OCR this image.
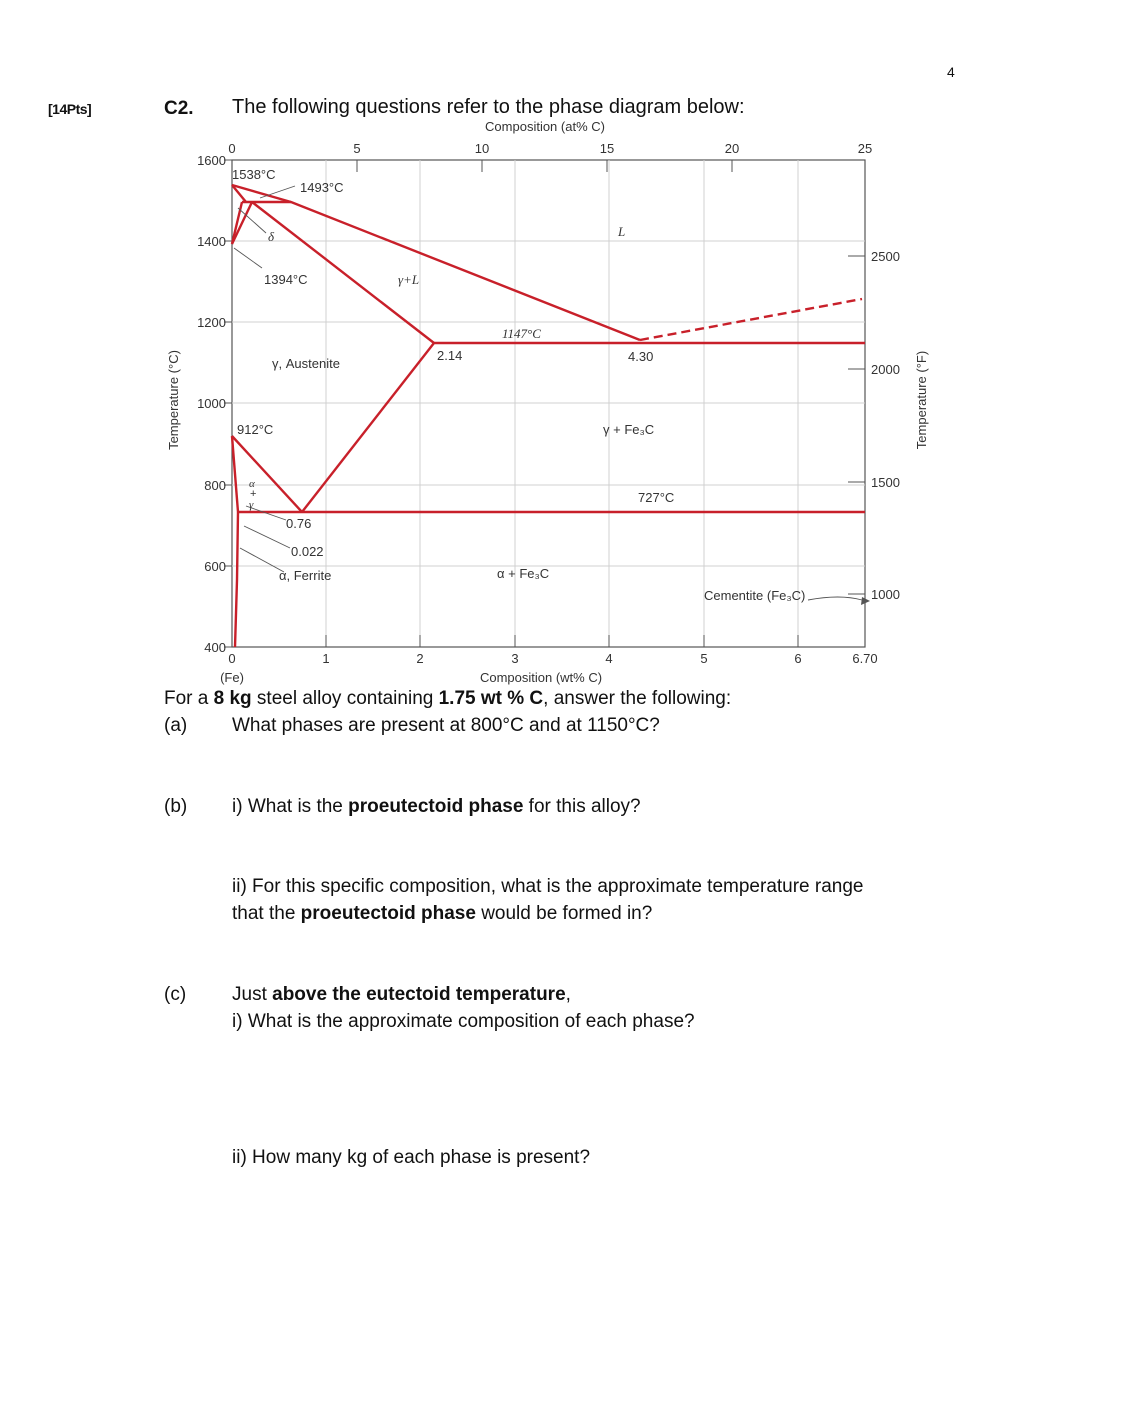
4
[14Pts]	C2. The following questions refer to the phase diagram below:
1600
1400
1200
1000
800
600
400
2500
2000
1500
1000
0	5	10	15	20	25
0	1	2	3	4	5	6	6.70
Composition (at% C)
Composition (wt% C)
(Fe)
Temperature (°C)	Temperature (°F)
1538°C
1493°C
δ
1394°C	γ+L
L
1147°C
2.14	4.30
γ, Austenite
912°C	γ + Fe₃C
α
+
γ	727°C
0.76
0.022
α, Ferrite	α + Fe₃C
Cementite (Fe₃C)
For a 8 kg steel alloy containing 1.75 wt % C, answer the following:
(a) What phases are present at 800°C and at 1150°C?
(b) i) What is the proeutectoid phase for this alloy?
ii) For this specific composition, what is the approximate temperature range
that the proeutectoid phase would be formed in?
(c) Just above the eutectoid temperature,
i) What is the approximate composition of each phase?
ii) How many kg of each phase is present?
